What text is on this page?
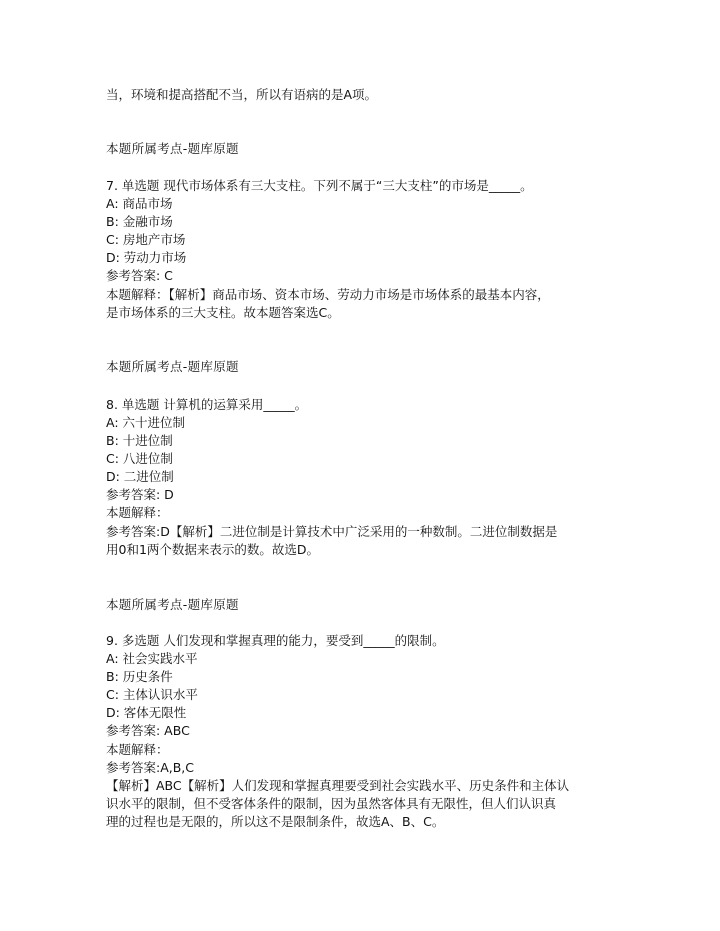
当，环境和提高搭配不当，所以有语病的是A项。
本题所属考点-题库原题
7. 单选题 现代市场体系有三大支柱。下列不属于“三大支柱”的市场是_____。
A: 商品市场
B: 金融市场
C: 房地产市场
D: 劳动力市场
参考答案: C
本题解释：【解析】商品市场、资本市场、劳动力市场是市场体系的最基本内容，
是市场体系的三大支柱。故本题答案选C。
本题所属考点-题库原题
8. 单选题 计算机的运算采用_____。
A: 六十进位制
B: 十进位制
C: 八进位制
D: 二进位制
参考答案: D
本题解释：
参考答案:D【解析】二进位制是计算技术中广泛采用的一种数制。二进位制数据是
用0和1两个数据来表示的数。故选D。
本题所属考点-题库原题
9. 多选题 人们发现和掌握真理的能力，要受到_____的限制。
A: 社会实践水平
B: 历史条件
C: 主体认识水平
D: 客体无限性
参考答案: ABC
本题解释：
参考答案:A,B,C
【解析】ABC【解析】人们发现和掌握真理要受到社会实践水平、历史条件和主体认
识水平的限制，但不受客体条件的限制，因为虽然客体具有无限性，但人们认识真
理的过程也是无限的，所以这不是限制条件，故选A、B、C。
